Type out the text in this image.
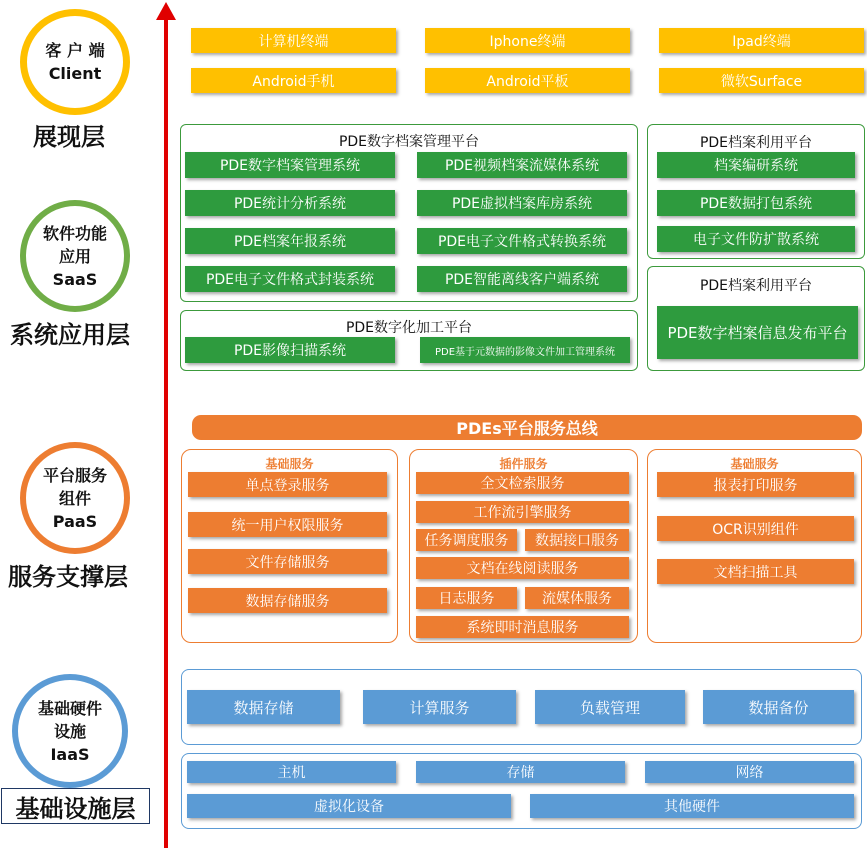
客 户 端
Client
展现层
软件功能
应用
SaaS
系统应用层
平台服务
组件
PaaS
服务支撑层
基础硬件
设施
IaaS
基础设施层
计算机终端	Iphone终端	Ipad终端
Android手机	Android平板	微软Surface
PDE数字档案管理平台
PDE数字档案管理系统	PDE视频档案流媒体系统
PDE统计分析系统	PDE虚拟档案库房系统
PDE档案年报系统	PDE电子文件格式转换系统
PDE电子文件格式封装系统	PDE智能离线客户端系统
PDE档案利用平台
档案编研系统
PDE数据打包系统
电子文件防扩散系统
PDE数字化加工平台
PDE影像扫描系统	PDE基于元数据的影像文件加工管理系统
PDE档案利用平台
PDE数字档案信息发布平台
PDEs平台服务总线
基础服务
单点登录服务
统一用户权限服务
文件存储服务
数据存储服务
插件服务
全文检索服务
工作流引擎服务
任务调度服务	数据接口服务
文档在线阅读服务
日志服务	流媒体服务
系统即时消息服务
基础服务
报表打印服务
OCR识别组件
文档扫描工具
数据存储	计算服务	负载管理	数据备份
主机	存储	网络
虚拟化设备	其他硬件
